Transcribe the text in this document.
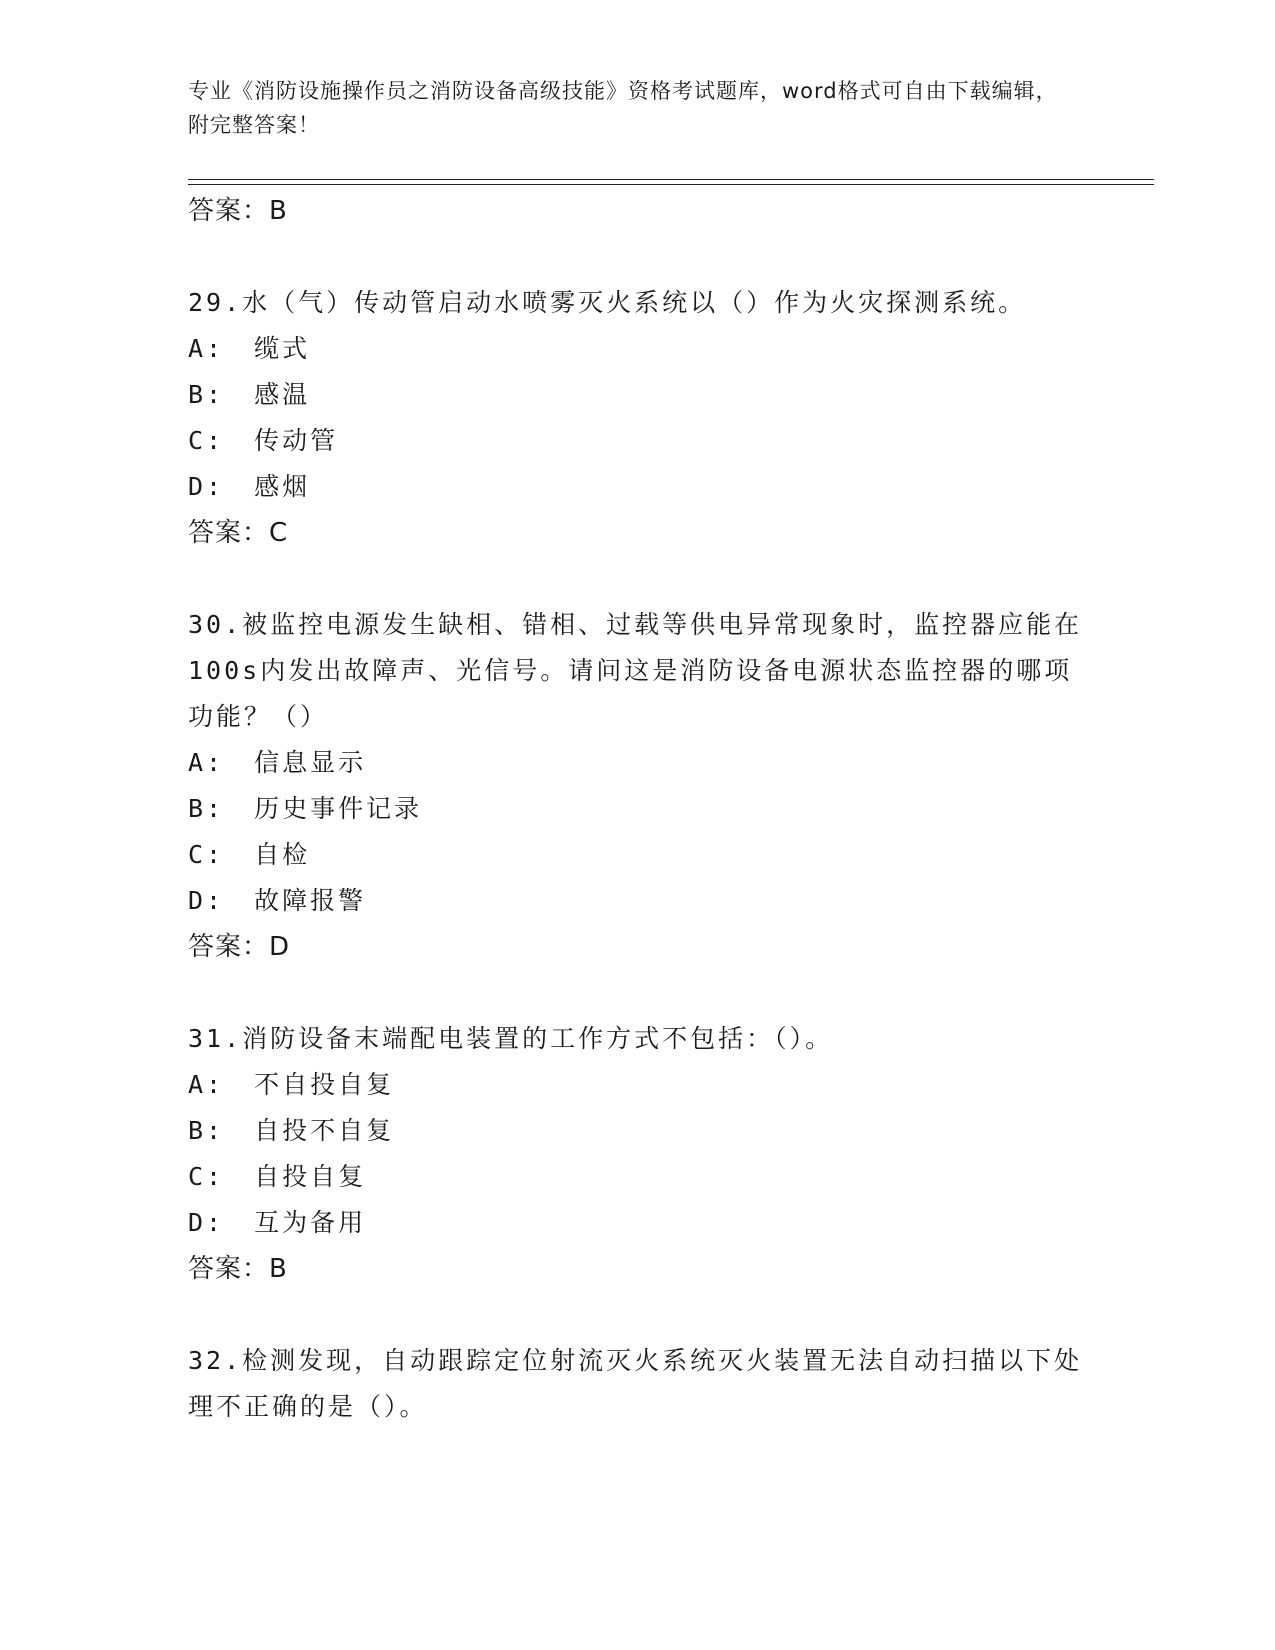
专业《消防设施操作员之消防设备高级技能》资格考试题库，word格式可自由下载编辑，附完整答案！
答案：B
29.水（气）传动管启动水喷雾灭火系统以（）作为火灾探测系统。
A: 缆式
B: 感温
C: 传动管
D: 感烟
答案：C
30.被监控电源发生缺相、错相、过载等供电异常现象时，监控器应能在100s内发出故障声、光信号。请问这是消防设备电源状态监控器的哪项功能？（）
A: 信息显示
B: 历史事件记录
C: 自检
D: 故障报警
答案：D
31.消防设备末端配电装置的工作方式不包括：（）。
A: 不自投自复
B: 自投不自复
C: 自投自复
D: 互为备用
答案：B
32.检测发现，自动跟踪定位射流灭火系统灭火装置无法自动扫描以下处理不正确的是（）。
